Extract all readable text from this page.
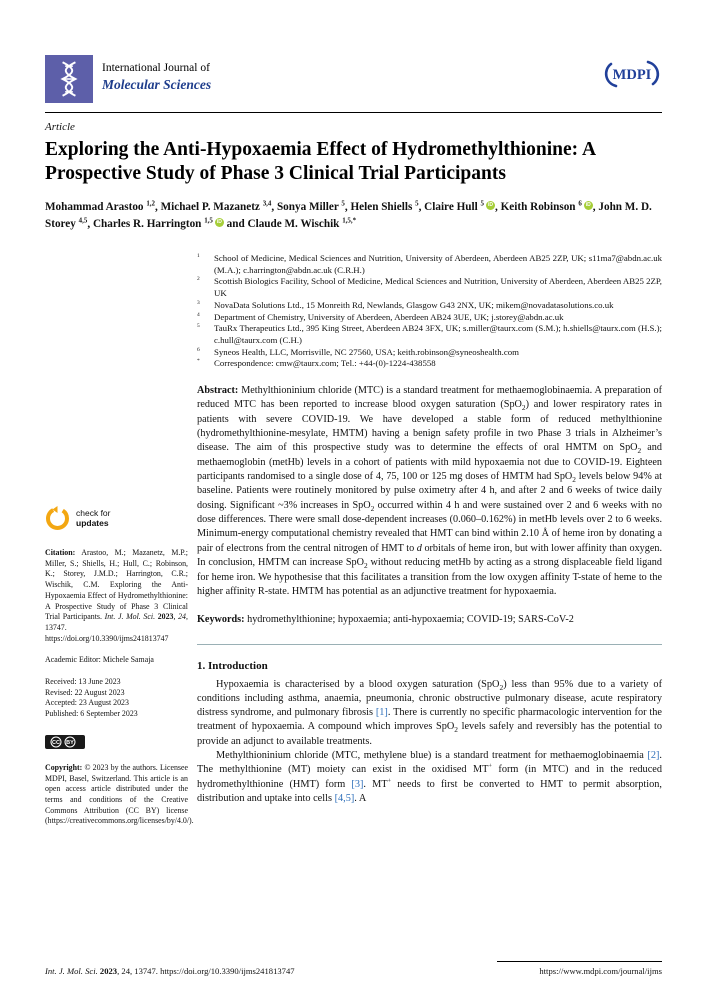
International Journal of
Molecular Sciences
MDPI
Article
Exploring the Anti-Hypoxaemia Effect of Hydromethylthionine: A Prospective Study of Phase 3 Clinical Trial Participants
Mohammad Arastoo $^{1,2}$, Michael P. Mazanetz $^{3,4}$, Sonya Miller $^5$, Helen Shiells $^5$, Claire Hull $^5$ iD , Keith Robinson $^6$ iD , John M. D. Storey $^{4,5}$, Charles R. Harrington $^{1,5}$ iD and Claude M. Wischik $^{1,5,*}$
$^1$	School of Medicine, Medical Sciences and Nutrition, University of Aberdeen, Aberdeen AB25 2ZP, UK; s11ma7@abdn.ac.uk (M.A.); c.harrington@abdn.ac.uk (C.R.H.)
$^2$	Scottish Biologics Facility, School of Medicine, Medical Sciences and Nutrition, University of Aberdeen, Aberdeen AB25 2ZP, UK
$^3$	NovaData Solutions Ltd., 15 Monreith Rd, Newlands, Glasgow G43 2NX, UK; mikem@novadatasolutions.co.uk
$^4$	Department of Chemistry, University of Aberdeen, Aberdeen AB24 3UE, UK; j.storey@abdn.ac.uk
$^5$	TauRx Therapeutics Ltd., 395 King Street, Aberdeen AB24 3FX, UK; s.miller@taurx.com (S.M.); h.shiells@taurx.com (H.S.); c.hull@taurx.com (C.H.)
$^6$	Syneos Health, LLC, Morrisville, NC 27560, USA; keith.robinson@syneoshealth.com
*	Correspondence: cmw@taurx.com; Tel.: +44-(0)-1224-438558
Abstract: Methylthioninium chloride (MTC) is a standard treatment for methaemoglobinaemia. A preparation of reduced MTC has been reported to increase blood oxygen saturation (SpO$_2$) and lower respiratory rates in patients with severe COVID-19. We have developed a stable form of reduced methylthionine (hydromethylthionine-mesylate, HMTM) having a benign safety profile in two Phase 3 trials in Alzheimer’s disease. The aim of this prospective study was to determine the effects of oral HMTM on SpO$_2$ and methaemoglobin (metHb) levels in a cohort of patients with mild hypoxaemia not due to COVID-19. Eighteen participants randomised to a single dose of 4, 75, 100 or 125 mg doses of HMTM had SpO$_2$ levels below 94% at baseline. Patients were routinely monitored by pulse oximetry after 4 h, and after 2 and 6 weeks of twice daily dosing. Significant ~3% increases in SpO$_2$ occurred within 4 h and were sustained over 2 and 6 weeks with no dose differences. There were small dose-dependent increases (0.060–0.162%) in metHb levels over 2 to 6 weeks. Minimum-energy computational chemistry revealed that HMT can bind within 2.10 Å of heme iron by donating a pair of electrons from the central nitrogen of HMT to d orbitals of heme iron, but with lower affinity than oxygen. In conclusion, HMTM can increase SpO$_2$ without reducing metHb by acting as a strong displaceable field ligand for heme iron. We hypothesise that this facilitates a transition from the low oxygen affinity T-state of heme to the higher affinity R-state. HMTM has potential as an adjunctive treatment for hypoxaemia.
Keywords: hydromethylthionine; hypoxaemia; anti-hypoxaemia; COVID-19; SARS-CoV-2
1. Introduction

Hypoxaemia is characterised by a blood oxygen saturation (SpO$_2$) less than 95% due to a variety of conditions including asthma, anaemia, pneumonia, chronic obstructive pulmonary disease, acute respiratory distress syndrome, and pulmonary fibrosis [1]. There is currently no specific pharmacologic intervention for the treatment of hypoxaemia. A compound which improves SpO$_2$ levels safely and reversibly has the potential to provide an adjunct to available treatments.

Methylthioninium chloride (MTC, methylene blue) is a standard treatment for methaemoglobinaemia [2]. The methylthionine (MT) moiety can exist in the oxidised MT+ form (in MTC) and in the reduced hydromethylthionine (HMT) form [3]. MT+ needs to first be converted to HMT to permit absorption, distribution and uptake into cells [4,5]. A

check for
updates
Citation: Arastoo, M.; Mazanetz, M.P.; Miller, S.; Shiells, H.; Hull, C.; Robinson, K.; Storey, J.M.D.; Harrington, C.R.; Wischik, C.M. Exploring the Anti-Hypoxaemia Effect of Hydromethylthionine: A Prospective Study of Phase 3 Clinical Trial Participants. Int. J. Mol. Sci. 2023, 24, 13747. https://doi.org/10.3390/ijms241813747
Academic Editor: Michele Samaja
Received: 13 June 2023
Revised: 22 August 2023
Accepted: 23 August 2023
Published: 6 September 2023
CC BY
Copyright: © 2023 by the authors. Licensee MDPI, Basel, Switzerland. This article is an open access article distributed under the terms and conditions of the Creative Commons Attribution (CC BY) license (https://creativecommons.org/licenses/by/4.0/).
Int. J. Mol. Sci. 2023, 24, 13747. https://doi.org/10.3390/ijms241813747	https://www.mdpi.com/journal/ijms
